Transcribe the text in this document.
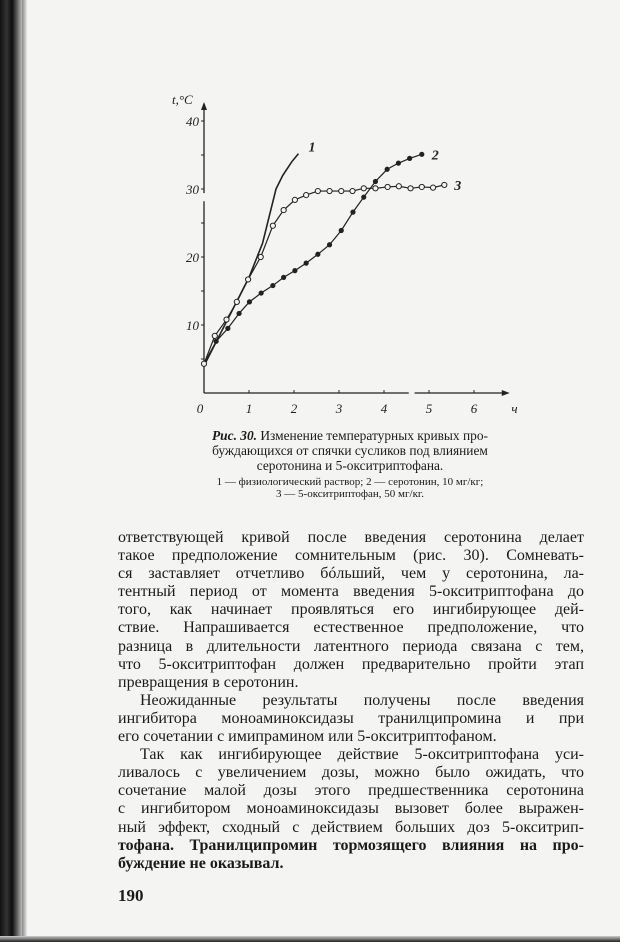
10
20
30
40
0	1	2	3	4	5	6	ч
t,°C
1
2
3
Рис. 30. Изменение температурных кривых про-
буждающихся от спячки сусликов под влиянием
серотонина и 5-окситриптофана.
1 — физиологический раствор; 2 — серотонин, 10 мг/кг;
3 — 5-окситриптофан, 50 мг/кг.
ответствующей кривой после введения серотонина делает
такое предположение сомнительным (рис. 30). Сомневать-
ся заставляет отчетливо бóльший, чем у серотонина, ла-
тентный период от момента введения 5-окситриптофана до
того, как начинает проявляться его ингибирующее дей-
ствие. Напрашивается естественное предположение, что
разница в длительности латентного периода связана с тем,
что 5-окситриптофан должен предварительно пройти этап
превращения в серотонин.
Неожиданные результаты получены после введения
ингибитора моноаминоксидазы транилципромина и при
его сочетании с имипрамином или 5-окситриптофаном.
Так как ингибирующее действие 5-окситриптофана уси-
ливалось с увеличением дозы, можно было ожидать, что
сочетание малой дозы этого предшественника серотонина
с ингибитором моноаминоксидазы вызовет более выражен-
ный эффект, сходный с действием больших доз 5-окситрип-
тофана. Транилципромин тормозящего влияния на про-
буждение не оказывал.
190
